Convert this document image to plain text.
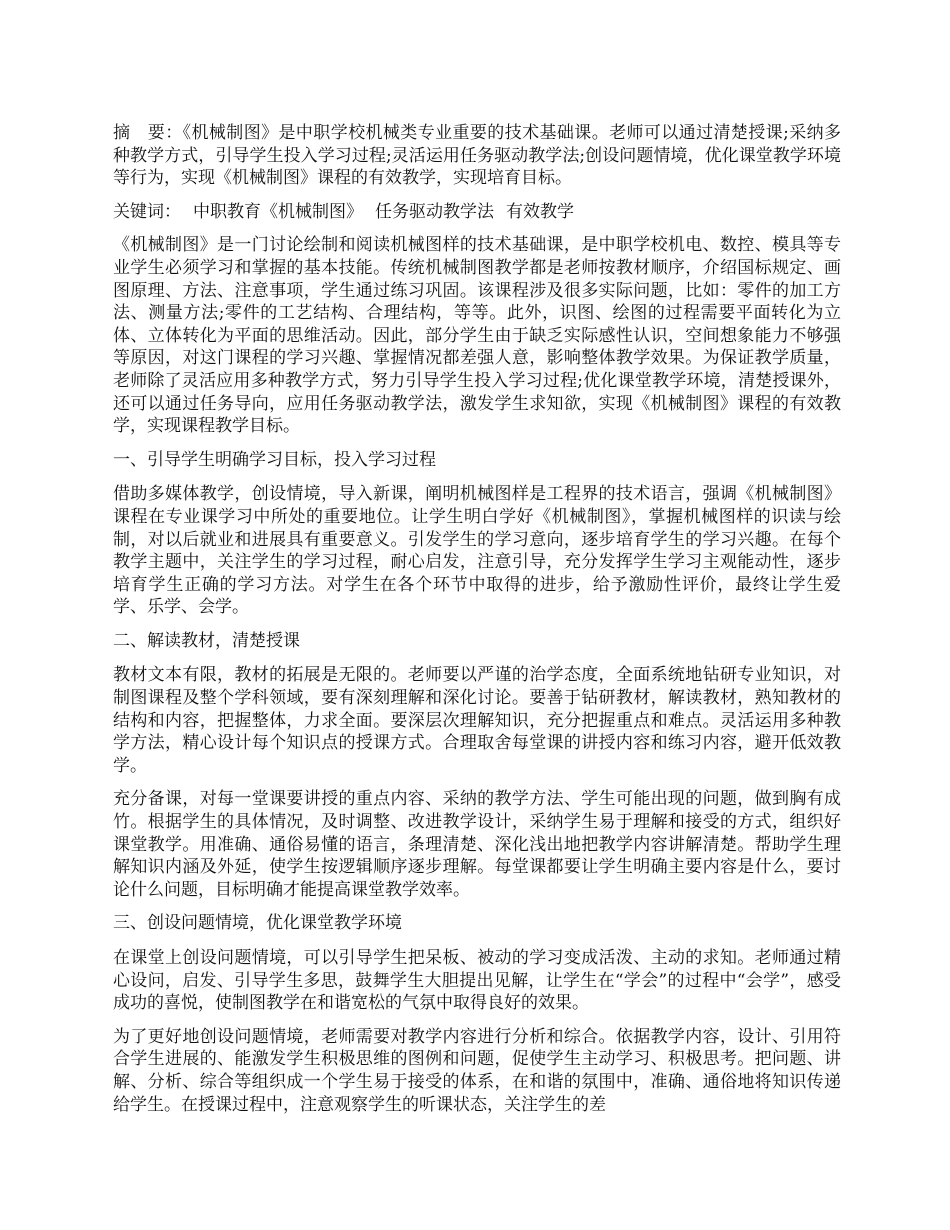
摘　要：《机械制图》是中职学校机械类专业重要的技术基础课。老师可以通过清楚授课;采纳多种教学方式，引导学生投入学习过程;灵活运用任务驱动教学法;创设问题情境，优化课堂教学环境等行为，实现《机械制图》课程的有效教学，实现培育目标。

关键词： 中职教育《机械制图》 任务驱动教学法 有效教学

《机械制图》是一门讨论绘制和阅读机械图样的技术基础课，是中职学校机电、数控、模具等专业学生必须学习和掌握的基本技能。传统机械制图教学都是老师按教材顺序，介绍国标规定、画图原理、方法、注意事项，学生通过练习巩固。该课程涉及很多实际问题，比如：零件的加工方法、测量方法;零件的工艺结构、合理结构，等等。此外，识图、绘图的过程需要平面转化为立体、立体转化为平面的思维活动。因此，部分学生由于缺乏实际感性认识，空间想象能力不够强等原因，对这门课程的学习兴趣、掌握情况都差强人意，影响整体教学效果。为保证教学质量，老师除了灵活应用多种教学方式，努力引导学生投入学习过程;优化课堂教学环境，清楚授课外，还可以通过任务导向，应用任务驱动教学法，激发学生求知欲，实现《机械制图》课程的有效教学，实现课程教学目标。

一、引导学生明确学习目标，投入学习过程

借助多媒体教学，创设情境，导入新课，阐明机械图样是工程界的技术语言，强调《机械制图》课程在专业课学习中所处的重要地位。让学生明白学好《机械制图》，掌握机械图样的识读与绘制，对以后就业和进展具有重要意义。引发学生的学习意向，逐步培育学生的学习兴趣。在每个教学主题中，关注学生的学习过程，耐心启发，注意引导，充分发挥学生学习主观能动性，逐步培育学生正确的学习方法。对学生在各个环节中取得的进步，给予激励性评价，最终让学生爱学、乐学、会学。

二、解读教材，清楚授课

教材文本有限，教材的拓展是无限的。老师要以严谨的治学态度，全面系统地钻研专业知识，对制图课程及整个学科领域，要有深刻理解和深化讨论。要善于钻研教材，解读教材，熟知教材的结构和内容，把握整体，力求全面。要深层次理解知识，充分把握重点和难点。灵活运用多种教学方法，精心设计每个知识点的授课方式。合理取舍每堂课的讲授内容和练习内容，避开低效教学。

充分备课，对每一堂课要讲授的重点内容、采纳的教学方法、学生可能出现的问题，做到胸有成竹。根据学生的具体情况，及时调整、改进教学设计，采纳学生易于理解和接受的方式，组织好课堂教学。用准确、通俗易懂的语言，条理清楚、深化浅出地把教学内容讲解清楚。帮助学生理解知识内涵及外延，使学生按逻辑顺序逐步理解。每堂课都要让学生明确主要内容是什么，要讨论什么问题，目标明确才能提高课堂教学效率。

三、创设问题情境，优化课堂教学环境

在课堂上创设问题情境，可以引导学生把呆板、被动的学习变成活泼、主动的求知。老师通过精心设问，启发、引导学生多思，鼓舞学生大胆提出见解，让学生在“学会”的过程中“会学”，感受成功的喜悦，使制图教学在和谐宽松的气氛中取得良好的效果。

为了更好地创设问题情境，老师需要对教学内容进行分析和综合。依据教学内容，设计、引用符合学生进展的、能激发学生积极思维的图例和问题，促使学生主动学习、积极思考。把问题、讲解、分析、综合等组织成一个学生易于接受的体系，在和谐的氛围中，准确、通俗地将知识传递给学生。在授课过程中，注意观察学生的听课状态，关注学生的差
